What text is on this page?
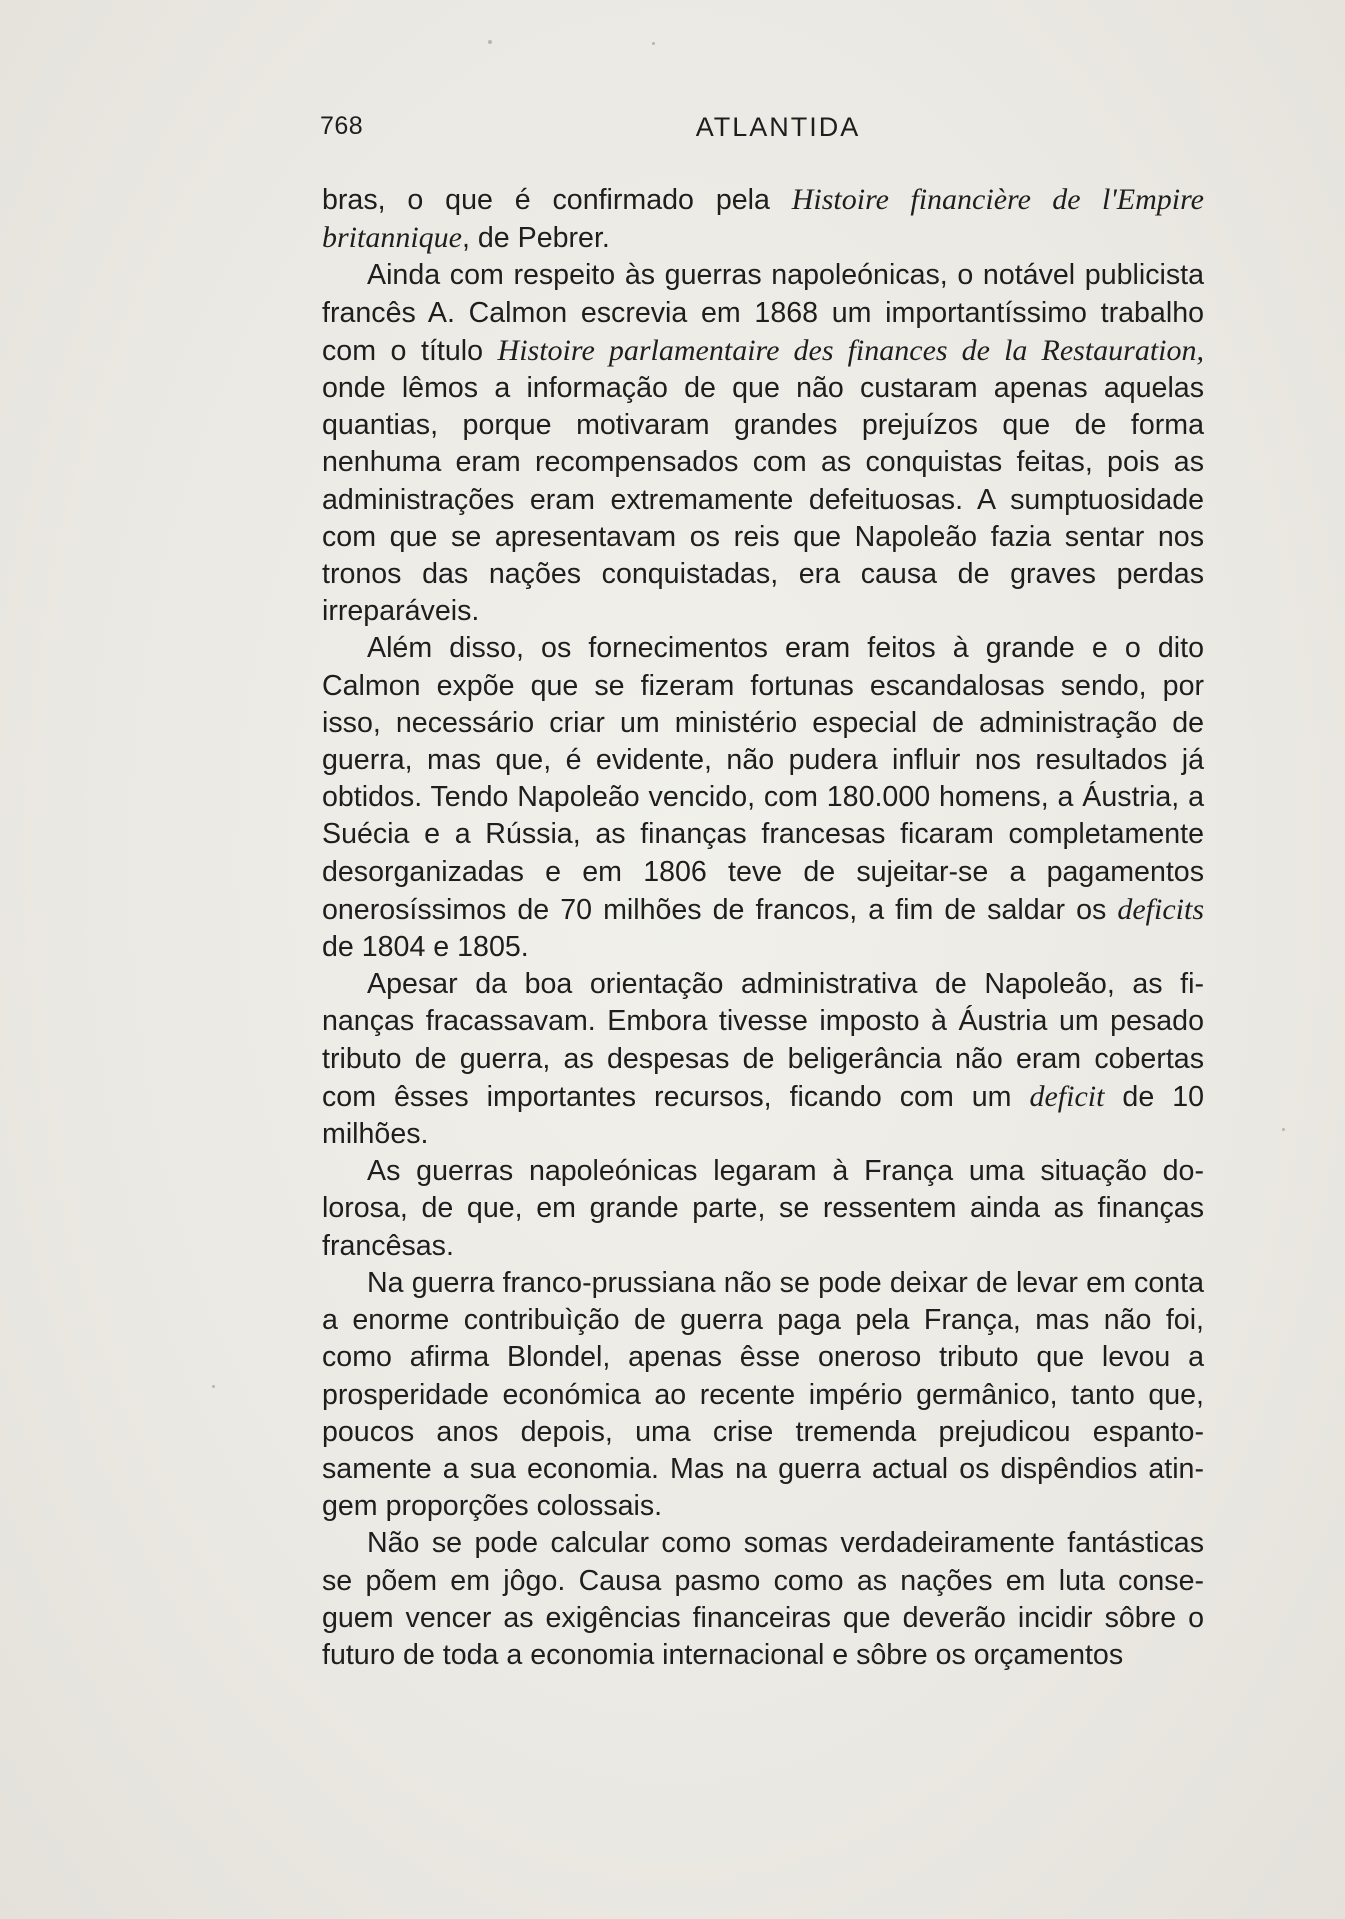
768	ATLANTIDA

bras, o que é confirmado pela Histoire financière de l'Empire britannique, de Pebrer.

Ainda com respeito às guerras napoleónicas, o notável publicista francês A. Calmon escrevia em 1868 um importantíssimo trabalho com o título Histoire parlamentaire des finances de la Restauration, onde lêmos a informação de que não custaram apenas aquelas quantias, porque motivaram grandes prejuízos que de forma nenhuma eram recompensados com as conquistas feitas, pois as administrações eram extremamente defeituosas. A sumptuosidade com que se apresentavam os reis que Napoleão fazia sentar nos tronos das nações conquistadas, era causa de graves perdas irreparáveis.

Além disso, os fornecimentos eram feitos à grande e o dito Calmon expõe que se fizeram fortunas escandalosas sendo, por isso, necessário criar um ministério especial de administração de guerra, mas que, é evidente, não pudera influir nos resultados já obtidos. Tendo Napoleão vencido, com 180.000 homens, a Áustria, a Suécia e a Rússia, as finanças francesas ficaram completamente desorganizadas e em 1806 teve de sujeitar-se a pagamentos onerosíssimos de 70 milhões de francos, a fim de saldar os deficits de 1804 e 1805.

Apesar da boa orientação administrativa de Napoleão, as finanças fracassavam. Embora tivesse imposto à Áustria um pesado tributo de guerra, as despesas de beligerância não eram cobertas com êsses importantes recursos, ficando com um deficit de 10 milhões.

As guerras napoleónicas legaram à França uma situação dolorosa, de que, em grande parte, se ressentem ainda as finanças francêsas.

Na guerra franco-prussiana não se pode deixar de levar em conta a enorme contribuìção de guerra paga pela França, mas não foi, como afirma Blondel, apenas êsse oneroso tributo que levou a prosperidade económica ao recente império germânico, tanto que, poucos anos depois, uma crise tremenda prejudicou espantosamente a sua economia. Mas na guerra actual os dispêndios atingem proporções colossais.

Não se pode calcular como somas verdadeiramente fantásticas se põem em jôgo. Causa pasmo como as nações em luta conseguem vencer as exigências financeiras que deverão incidir sôbre o futuro de toda a economia internacional e sôbre os orçamentos
